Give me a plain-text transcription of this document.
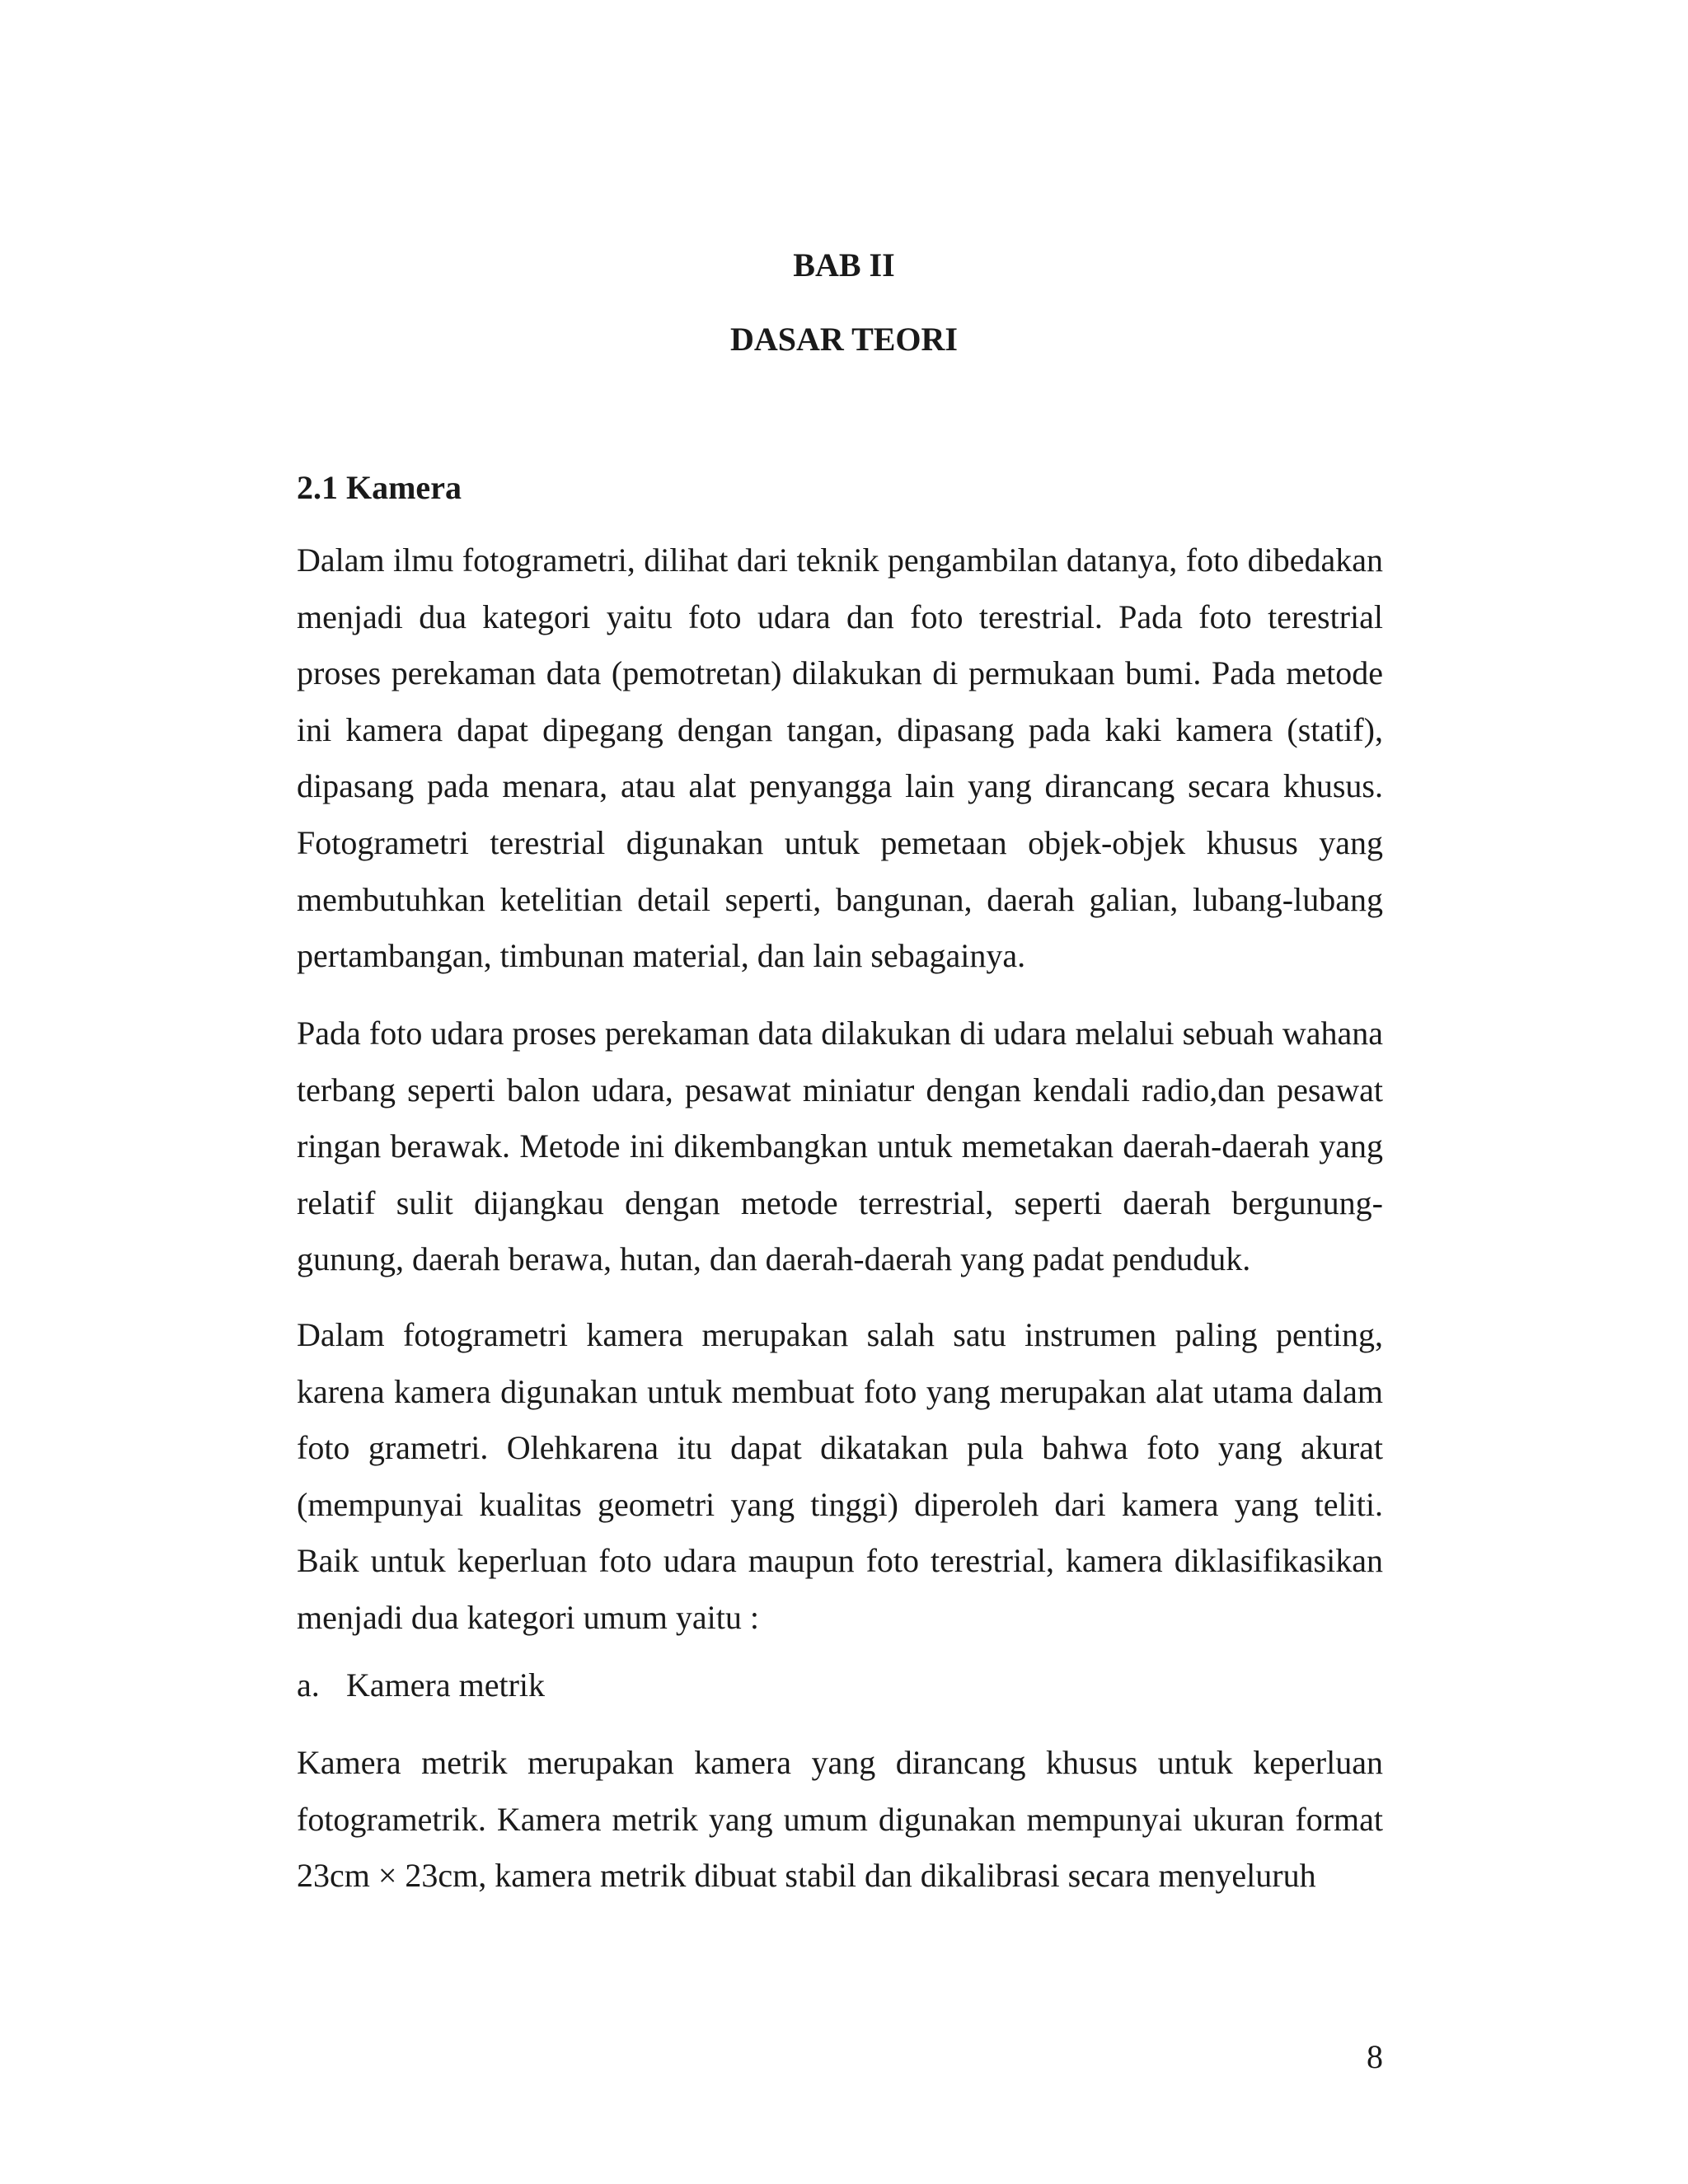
BAB II
DASAR TEORI
2.1 Kamera

Dalam ilmu fotogrametri, dilihat dari teknik pengambilan datanya, foto dibedakan menjadi dua kategori yaitu foto udara dan foto terestrial. Pada foto terestrial proses perekaman data (pemotretan) dilakukan di permukaan bumi. Pada metode ini kamera dapat dipegang dengan tangan, dipasang pada kaki kamera (statif), dipasang pada menara, atau alat penyangga lain yang dirancang secara khusus. Fotogrametri terestrial digunakan untuk pemetaan objek-objek khusus yang membutuhkan ketelitian detail seperti, bangunan, daerah galian, lubang-lubang pertambangan, timbunan material, dan lain sebagainya.

Pada foto udara proses perekaman data dilakukan di udara melalui sebuah wahana terbang seperti balon udara, pesawat miniatur dengan kendali radio,dan pesawat ringan berawak. Metode ini dikembangkan untuk memetakan daerah-daerah yang relatif sulit dijangkau dengan metode terrestrial, seperti daerah bergunung-gunung, daerah berawa, hutan, dan daerah-daerah yang padat penduduk.

Dalam fotogrametri kamera merupakan salah satu instrumen paling penting, karena kamera digunakan untuk membuat foto yang merupakan alat utama dalam foto grametri. Olehkarena itu dapat dikatakan pula bahwa foto yang akurat (mempunyai kualitas geometri yang tinggi) diperoleh dari kamera yang teliti. Baik untuk keperluan foto udara maupun foto terestrial, kamera diklasifikasikan menjadi dua kategori umum yaitu :

a. Kamera metrik

Kamera metrik merupakan kamera yang dirancang khusus untuk keperluan fotogrametrik. Kamera metrik yang umum digunakan mempunyai ukuran format 23cm × 23cm, kamera metrik dibuat stabil dan dikalibrasi secara menyeluruh

8
